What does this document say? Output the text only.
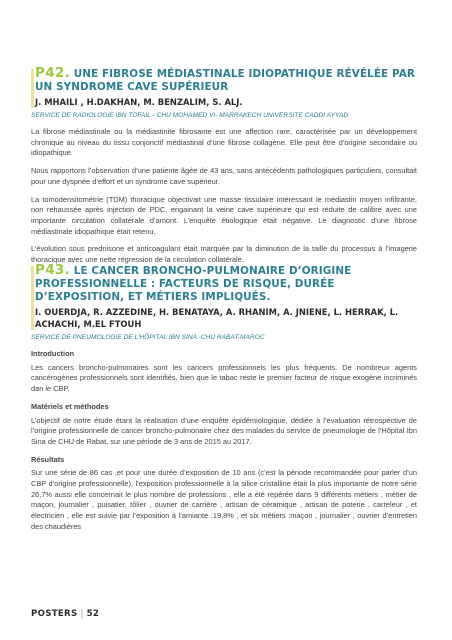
P42. UNE FIBROSE MÉDIASTINALE IDIOPATHIQUE RÉVÉLÉE PAR UN SYNDROME CAVE SUPÉRIEUR

J. MHAILI , H.DAKHAN, M. BENZALIM, S. ALJ.

SERVICE DE RADIOLOGIE IBN TOFAIL - CHU MOHAMED VI- MARRAKECH UNIVERSITE CADDI AYYAD

La fibrose médiastinale ou la médiastinite fibrosante est une affection rare, caractérisée par un développement chronique au niveau du tissu conjonctif médiastinal d’une fibrose collagène. Elle peut être d’origine secondaire ou idiopathique.

Nous rapportons l’observation d’une patiente âgée de 43 ans, sans antécédents pathologiques particuliers, consultait pour une dyspnée d’effort et un syndrome cave supérieur.

La tomodensitométrie (TDM) thoracique objectivait une masse tissulaire intéressant le médiastin moyen infiltrante, non rehaussée après injection de PDC, engainant la veine cave supérieure qui est réduite de calibre avec une importante circulation collatérale d’amont. L’enquête étiologique était négative. Le diagnostic d’une fibrose médiastinale idiopathique était retenu.

L’évolution sous prednisone et anticoagulant était marquée par la diminution de la taille du processus à l’imagerie thoracique avec une nette régression de la circulation collatérale.

P43. LE CANCER BRONCHO-PULMONAIRE D’ORIGINE PROFESSIONNELLE : FACTEURS DE RISQUE, DURÉE D’EXPOSITION, ET MÉTIERS IMPLIQUÉS.

I. OUERDJA, R. AZZEDINE, H. BENATAYA, A. RHANIM, A. JNIENE, L. HERRAK, L. ACHACHI, M.EL FTOUH

SERVICE DE PNEUMOLOGIE DE L’HÔPITAL IBN SINA -CHU RABAT-MAROC

Introduction

Les cancers broncho-pulmonaires sont les cancers professionnels les plus fréquents. De nombreux agents cancérogènes professionnels sont identifiés, bien que le tabac reste le premier facteur de risque exogène incriminés dan le CBP.

Matériels et méthodes

L’objectif de notre étude étant la réalisation d’une enquête épidémiologique, dédiée à l’évaluation rétrospective de l’origine professionnelle de cancer broncho-pulmonaire chez des malades du service de pneumologie de l’Hôpital Ibn Sina de CHU de Rabat, sur une période de 3 ans de 2015 au 2017.

Résultats

Sur une série de 86 cas ,et pour une durée d’exposition de 10 ans (c’est la période recommandée pour parler d’un CBP d’origine professionnelle), l’exposition professionnelle à la silice cristalline était la plus importante de notre série 26,7% aussi elle concernait le plus nombre de professions , elle a été repérée dans 9 différents métiers , métier de maçon, journalier , puisatier, tôlier , ouvrier de carrière , artisan de céramique , artisan de poterie , carreleur , et électricien , elle est suivie par l’exposition à l’amiante :19,8% , et six métiers :maçon , journalier , ouvrier d’entretien des chaudières

POSTERS | 52
